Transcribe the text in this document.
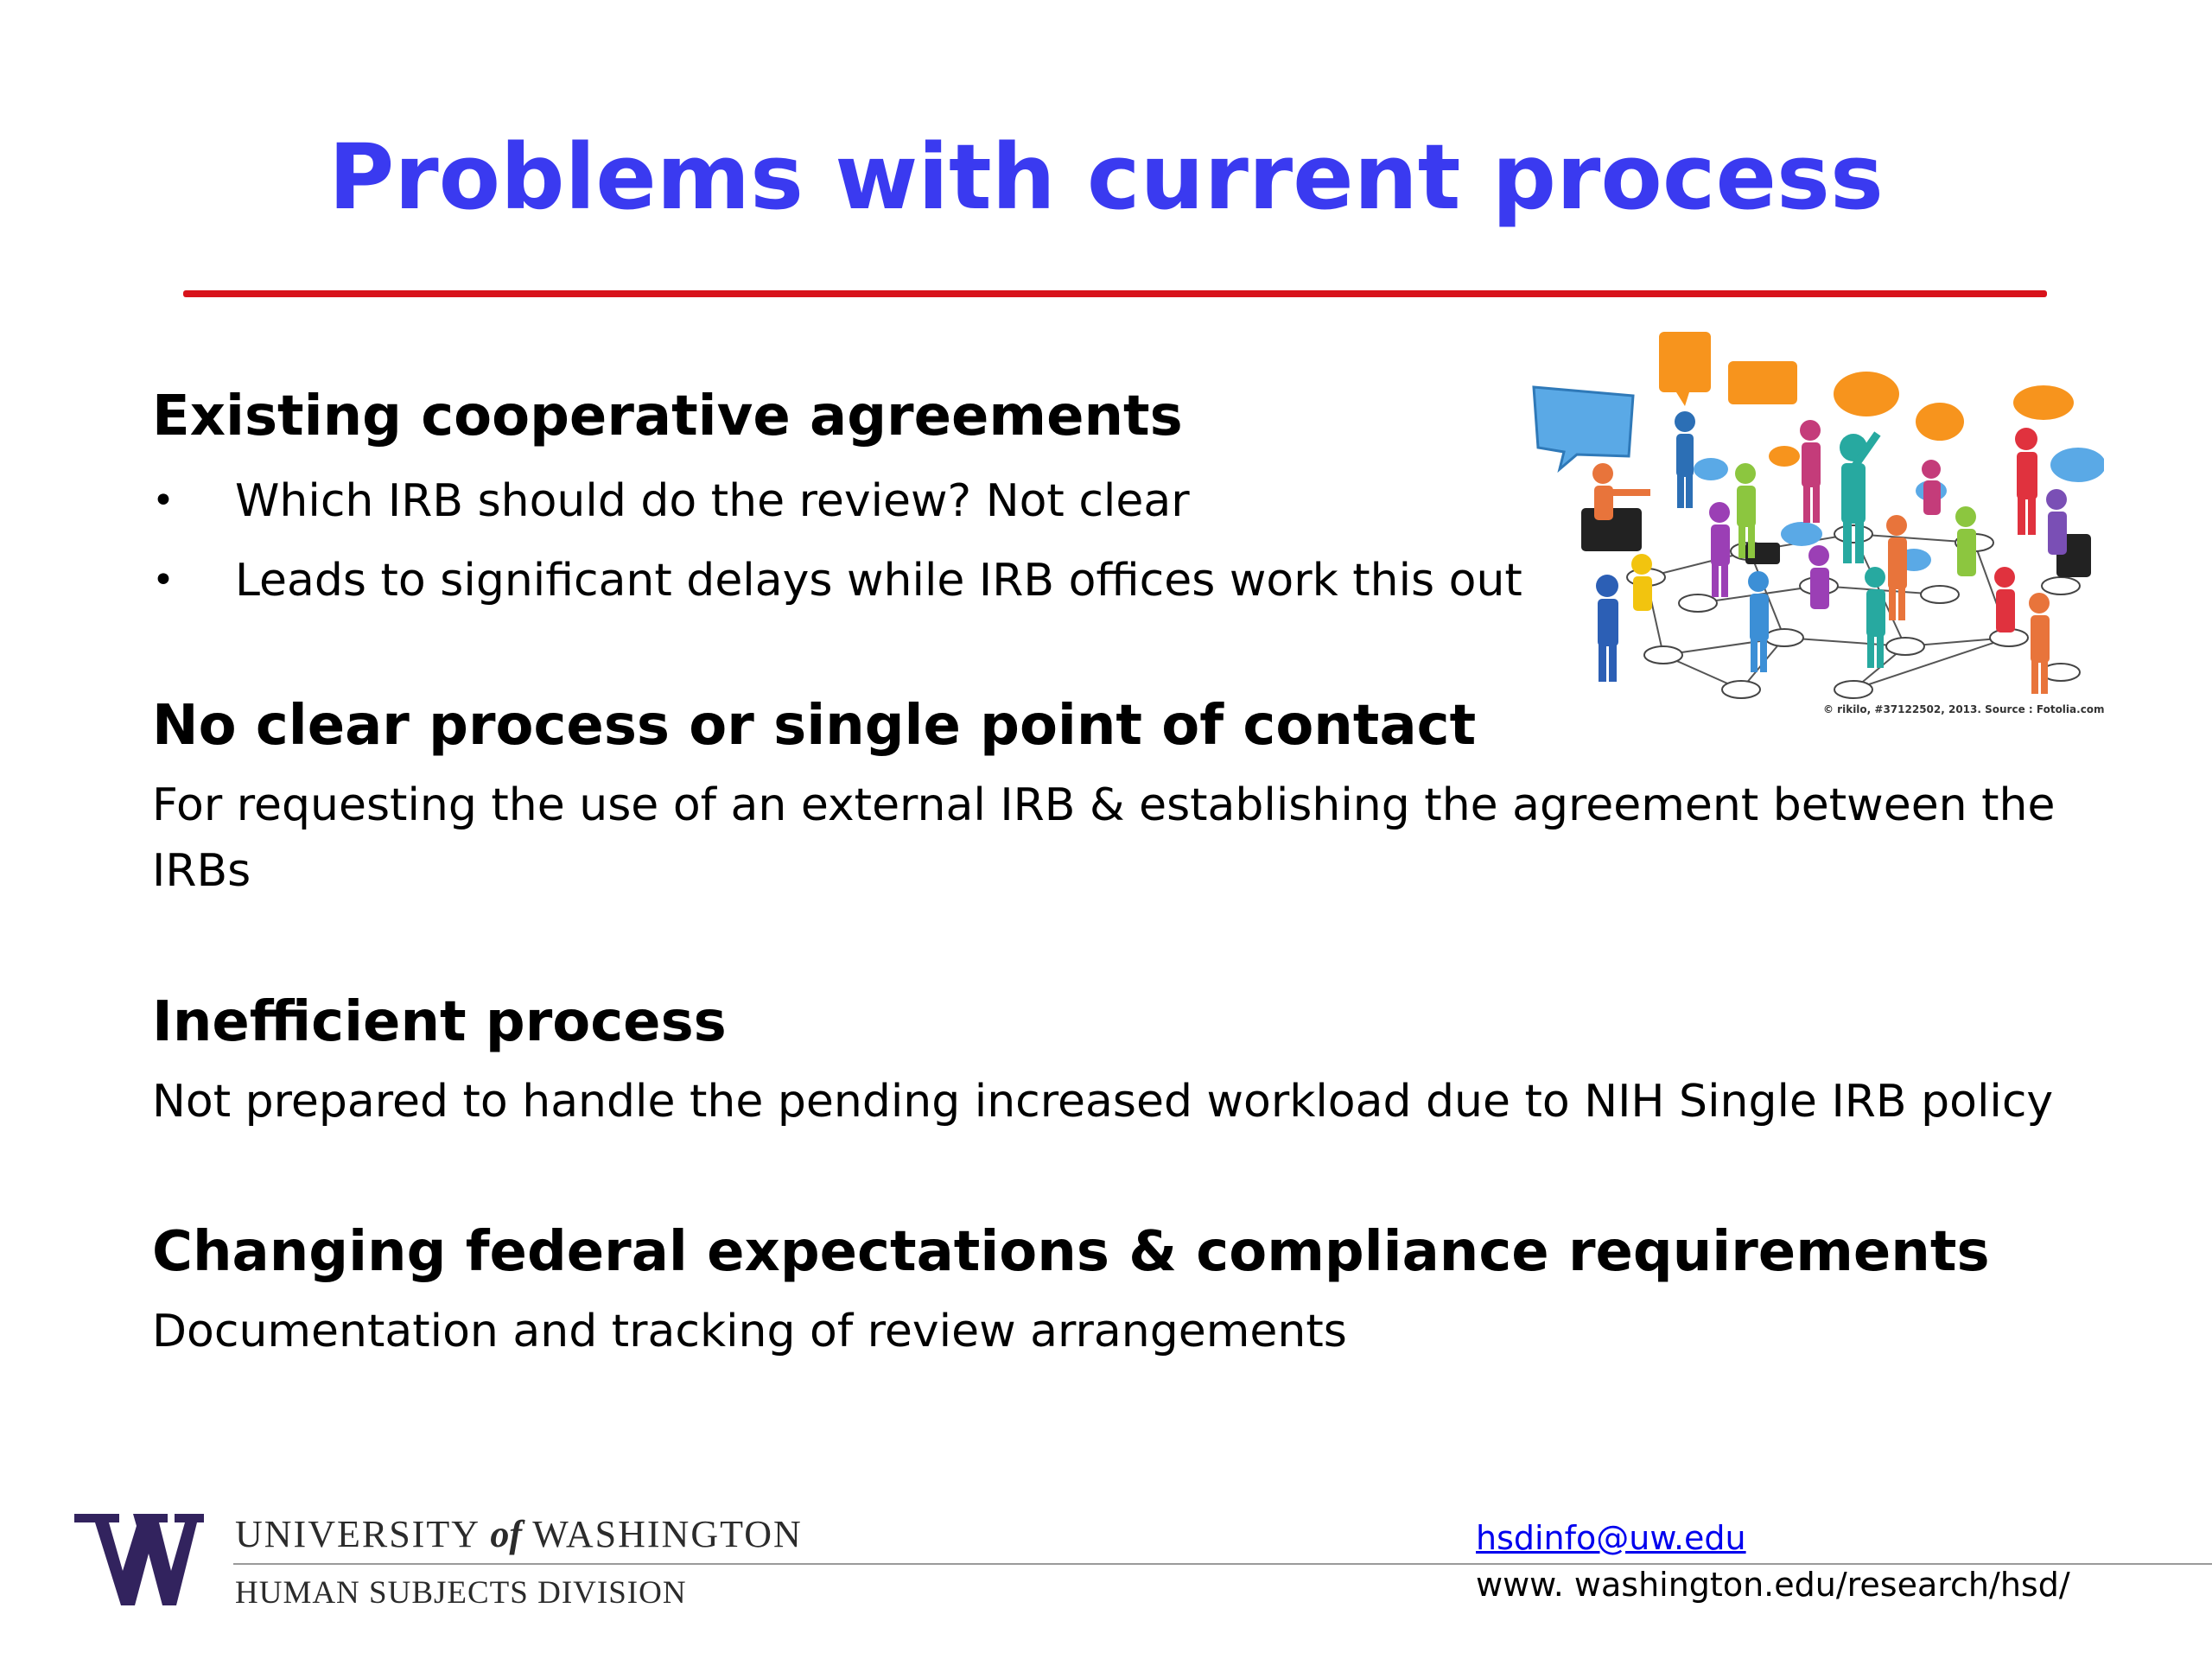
Problems with current process
Existing cooperative agreements
• Which IRB should do the review? Not clear
• Leads to significant delays while IRB offices work this out
No clear process or single point of contact

For requesting the use of an external IRB & establishing the agreement between the IRBs

Inefficient process

Not prepared to handle the pending increased workload due to NIH Single IRB policy

Changing federal expectations & compliance requirements

Documentation and tracking of review arrangements

© rikilo, #37122502, 2013. Source : Fotolia.com
UNIVERSITY of WASHINGTON
HUMAN SUBJECTS DIVISION
hsdinfo@uw.edu
www. washington.edu/research/hsd/
